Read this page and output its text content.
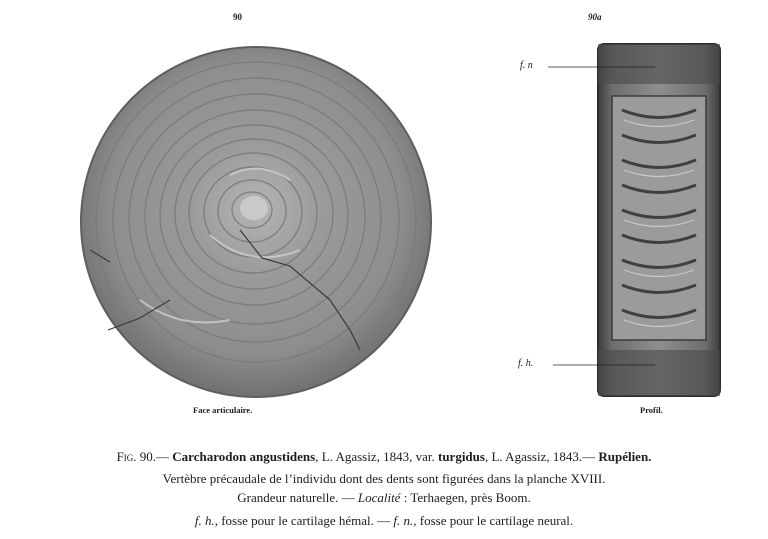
90	90a
f. n
f. h.
Face articulaire.	Profil.
Fig. 90.— Carcharodon angustidens, L. Agassiz, 1843, var. turgidus, L. Agassiz, 1843.— Rupélien.
Vertèbre précaudale de l’individu dont des dents sont figurées dans la planche XVIII.
Grandeur naturelle. — Localité : Terhaegen, près Boom.
f. h., fosse pour le cartilage hémal. — f. n., fosse pour le cartilage neural.
